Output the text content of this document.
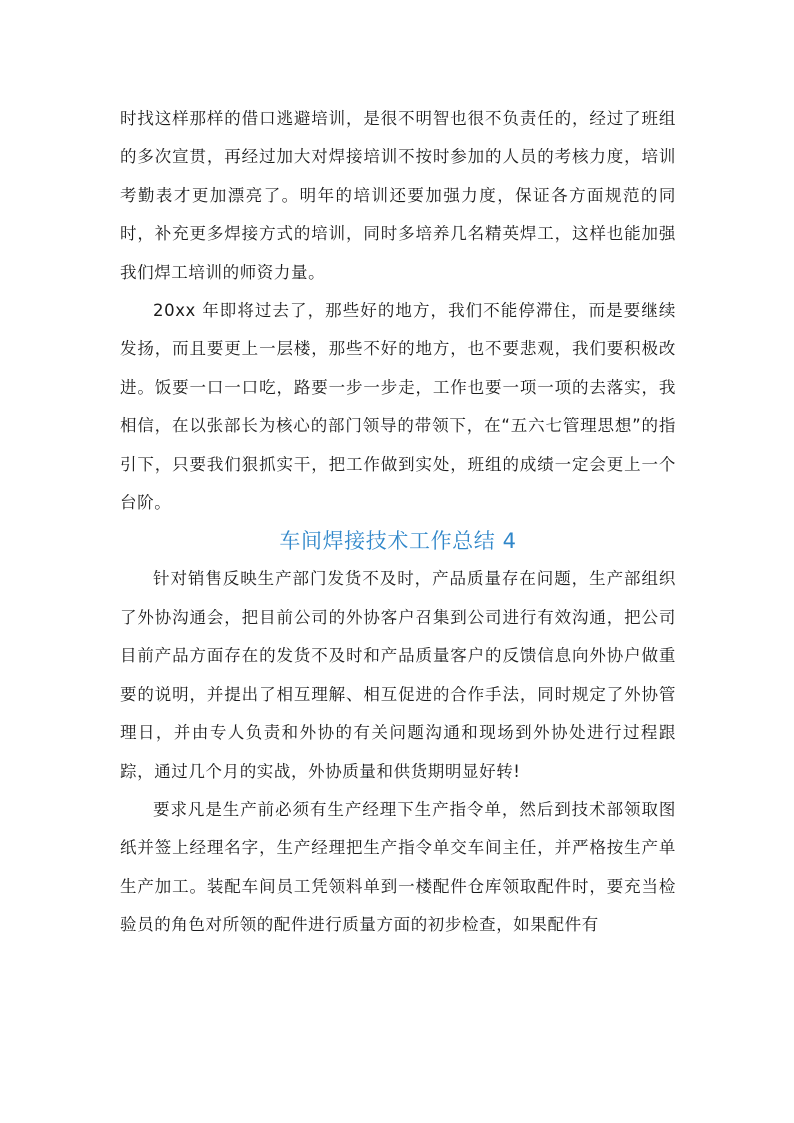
时找这样那样的借口逃避培训，是很不明智也很不负责任的，经过了班组的多次宣贯，再经过加大对焊接培训不按时参加的人员的考核力度，培训考勤表才更加漂亮了。明年的培训还要加强力度，保证各方面规范的同时，补充更多焊接方式的培训，同时多培养几名精英焊工，这样也能加强我们焊工培训的师资力量。

20xx 年即将过去了，那些好的地方，我们不能停滞住，而是要继续发扬，而且要更上一层楼，那些不好的地方，也不要悲观，我们要积极改进。饭要一口一口吃，路要一步一步走，工作也要一项一项的去落实，我相信，在以张部长为核心的部门领导的带领下，在“五六七管理思想”的指引下，只要我们狠抓实干，把工作做到实处，班组的成绩一定会更上一个台阶。

车间焊接技术工作总结 4

针对销售反映生产部门发货不及时，产品质量存在问题，生产部组织了外协沟通会，把目前公司的外协客户召集到公司进行有效沟通，把公司目前产品方面存在的发货不及时和产品质量客户的反馈信息向外协户做重要的说明，并提出了相互理解、相互促进的合作手法，同时规定了外协管理日，并由专人负责和外协的有关问题沟通和现场到外协处进行过程跟踪，通过几个月的实战，外协质量和供货期明显好转!

要求凡是生产前必须有生产经理下生产指令单，然后到技术部领取图纸并签上经理名字，生产经理把生产指令单交车间主任，并严格按生产单生产加工。装配车间员工凭领料单到一楼配件仓库领取配件时，要充当检验员的角色对所领的配件进行质量方面的初步检查，如果配件有
